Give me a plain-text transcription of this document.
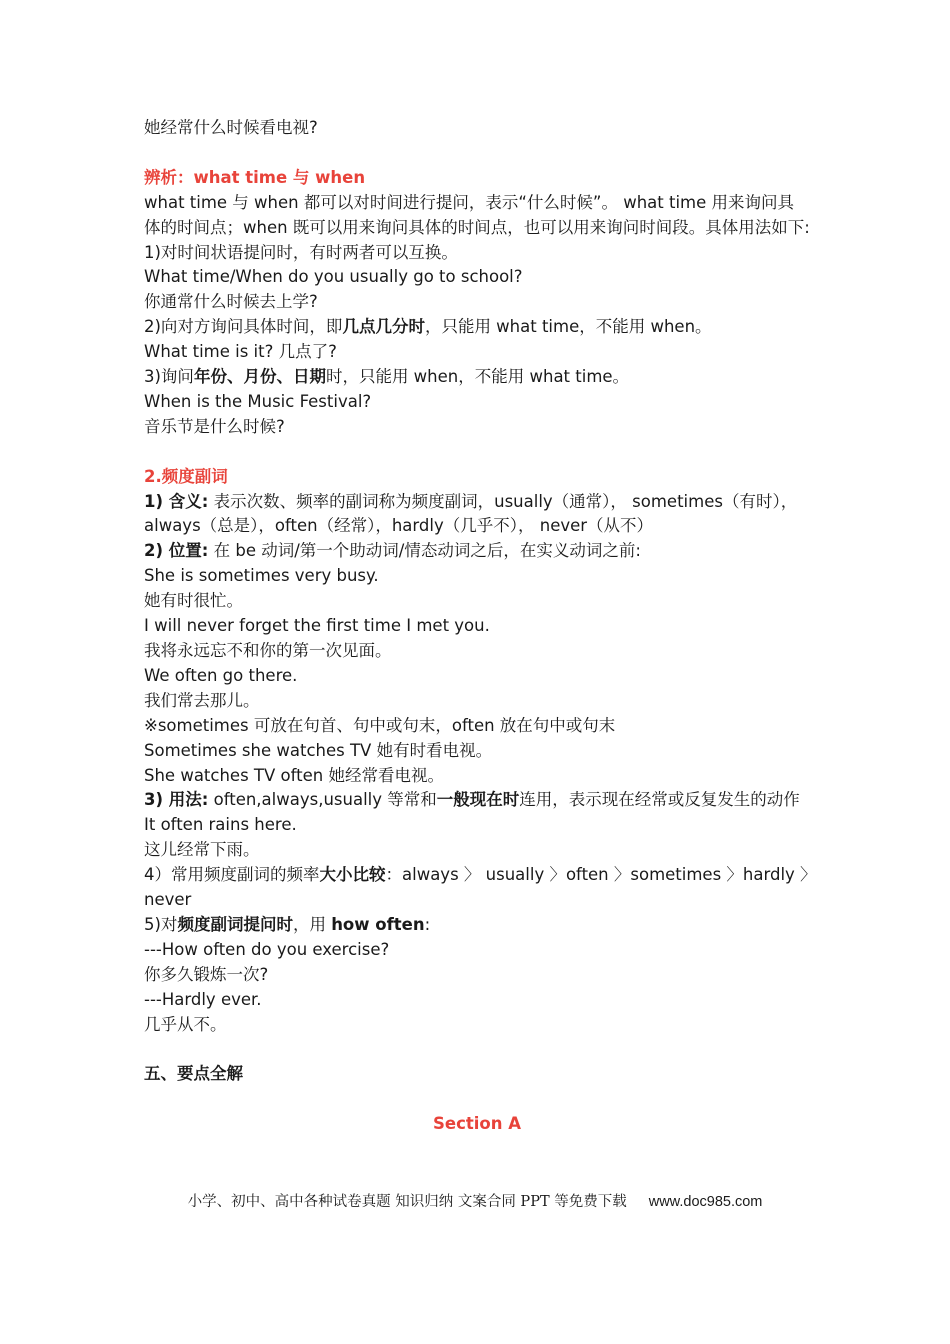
她经常什么时候看电视?
辨析：what time 与 when
what time 与 when 都可以对时间进行提问，表示“什么时候”。 what time 用来询问具体的时间点；when 既可以用来询问具体的时间点，也可以用来询问时间段。具体用法如下:
1)对时间状语提问时，有时两者可以互换。
What time/When do you usually go to school?
你通常什么时候去上学?
2)向对方询问具体时间，即几点几分时，只能用 what time，不能用 when。
What time is it? 几点了?
3)询问年份、月份、日期时，只能用 when，不能用 what time。
When is the Music Festival?
音乐节是什么时候?
2.频度副词
1) 含义: 表示次数、频率的副词称为频度副词，usually（通常）， sometimes（有时），always（总是），often（经常），hardly（几乎不）， never（从不）
2) 位置: 在 be 动词/第一个助动词/情态动词之后，在实义动词之前:
She is sometimes very busy.
她有时很忙。
I will never forget the first time I met you.
我将永远忘不和你的第一次见面。
We often go there.
我们常去那儿。
※sometimes 可放在句首、句中或句末，often 放在句中或句末
Sometimes she watches TV 她有时看电视。
She watches TV often 她经常看电视。
3) 用法: often,always,usually 等常和一般现在时连用，表示现在经常或反复发生的动作
It often rains here.
这儿经常下雨。
4）常用频度副词的频率大小比较：always 〉 usually 〉often 〉sometimes 〉hardly 〉never
5)对频度副词提问时，用 how often:
---How often do you exercise?
你多久锻炼一次?
---Hardly ever.
几乎从不。
五、要点全解
Section A
小学、初中、高中各种试卷真题 知识归纳 文案合同 PPT 等免费下载 www.doc985.com
